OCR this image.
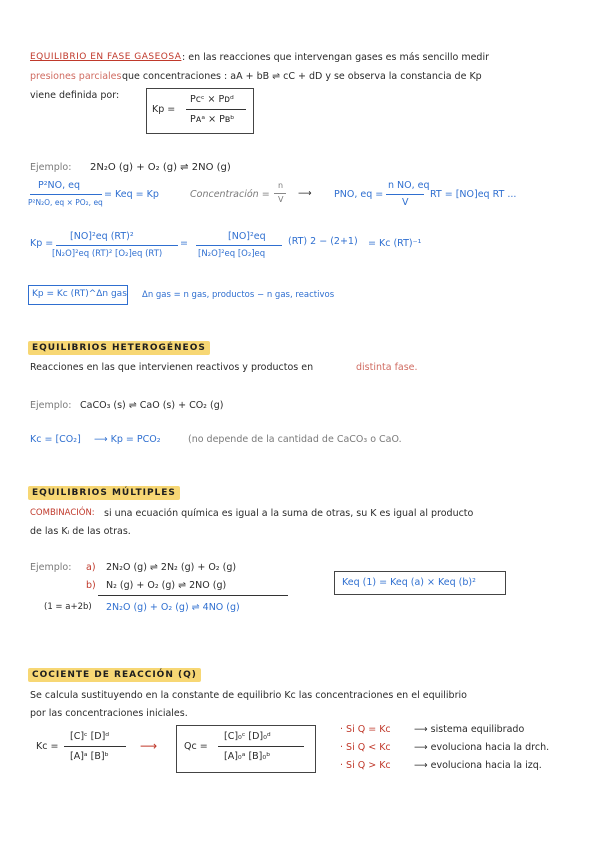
EQUILIBRIO EN FASE GASEOSA : en las reacciones que intervengan gases es más sencillo medir
presiones parciales que concentraciones : aA + bB ⇌ cC + dD y se observa la constancia de Kp
viene definida por:
Kp =
Pcᶜ × Pᴅᵈ
Pᴀᵃ × Pʙᵇ
Ejemplo: 2N₂O (g) + O₂ (g) ⇌ 2NO (g)
P²NO, eq
P²N₂O, eq × PO₂, eq
= Keq = Kp	Concentración =
n
V
⟶ PNO, eq =
n NO, eq
V
RT = [NO]eq RT ...
Kp =
[NO]²eq (RT)²
[N₂O]²eq (RT)² [O₂]eq (RT)
=
[NO]²eq
[N₂O]²eq [O₂]eq
(RT) 2 − (2+1) = Kc (RT)⁻¹
Kp = Kc (RT)^Δn gas Δn gas = n gas, productos − n gas, reactivos
EQUILIBRIOS HETEROGÉNEOS
Reacciones en las que intervienen reactivos y productos en	distinta fase.
Ejemplo: CaCO₃ (s) ⇌ CaO (s) + CO₂ (g)
Kc = [CO₂] ⟶ Kp = PCO₂	(no depende de la cantidad de CaCO₃ o CaO.
EQUILIBRIOS MÚLTIPLES
COMBINACIÓN: si una ecuación química es igual a la suma de otras, su K es igual al producto
de las Kᵢ de las otras.
Ejemplo: a) 2N₂O (g) ⇌ 2N₂ (g) + O₂ (g)
b) N₂ (g) + O₂ (g) ⇌ 2NO (g)
(1 = a+2b) 2N₂O (g) + O₂ (g) ⇌ 4NO (g)
Keq (1) = Keq (a) × Keq (b)²
COCIENTE DE REACCIÓN (Q)
Se calcula sustituyendo en la constante de equilibrio Kc las concentraciones en el equilibrio
por las concentraciones iniciales.
Kc =
[C]ᶜ [D]ᵈ
[A]ᵃ [B]ᵇ
⟶	Qc =
[C]₀ᶜ [D]₀ᵈ
[A]₀ᵃ [B]₀ᵇ
· Si Q = Kc ⟶ sistema equilibrado
· Si Q < Kc ⟶ evoluciona hacia la drch.
· Si Q > Kc ⟶ evoluciona hacia la izq.
